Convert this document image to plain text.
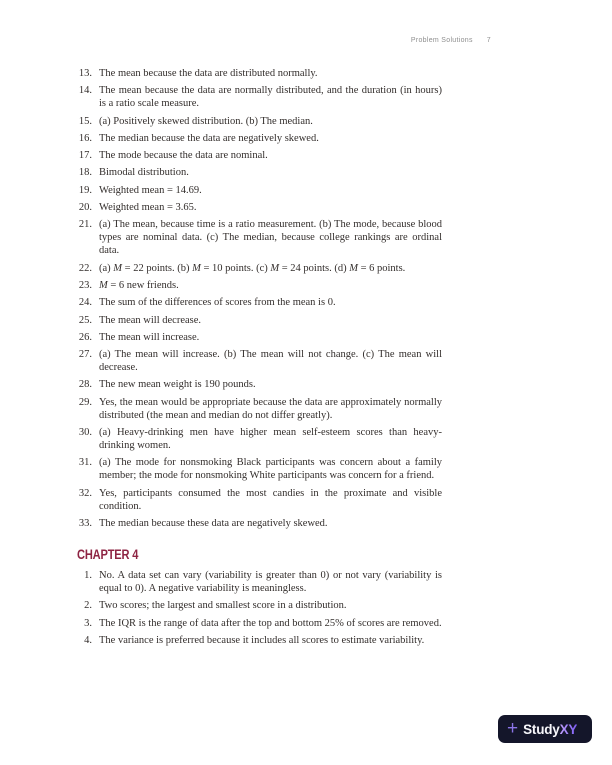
Problem Solutions 7
13. The mean because the data are distributed normally.
14. The mean because the data are normally distributed, and the duration (in hours) is a ratio scale measure.
15. (a) Positively skewed distribution. (b) The median.
16. The median because the data are negatively skewed.
17. The mode because the data are nominal.
18. Bimodal distribution.
19. Weighted mean = 14.69.
20. Weighted mean = 3.65.
21. (a) The mean, because time is a ratio measurement. (b) The mode, because blood types are nominal data. (c) The median, because college rankings are ordinal data.
22. (a) M = 22 points. (b) M = 10 points. (c) M = 24 points. (d) M = 6 points.
23. M = 6 new friends.
24. The sum of the differences of scores from the mean is 0.
25. The mean will decrease.
26. The mean will increase.
27. (a) The mean will increase. (b) The mean will not change. (c) The mean will decrease.
28. The new mean weight is 190 pounds.
29. Yes, the mean would be appropriate because the data are approximately normally distributed (the mean and median do not differ greatly).
30. (a) Heavy-drinking men have higher mean self-esteem scores than heavy-drinking women.
31. (a) The mode for nonsmoking Black participants was concern about a family member; the mode for nonsmoking White participants was concern for a friend.
32. Yes, participants consumed the most candies in the proximate and visible condition.
33. The median because these data are negatively skewed.
CHAPTER 4
1. No. A data set can vary (variability is greater than 0) or not vary (variability is equal to 0). A negative variability is meaningless.
2. Two scores; the largest and smallest score in a distribution.
3. The IQR is the range of data after the top and bottom 25% of scores are removed.
4. The variance is preferred because it includes all scores to estimate variability.
+ StudyXY
